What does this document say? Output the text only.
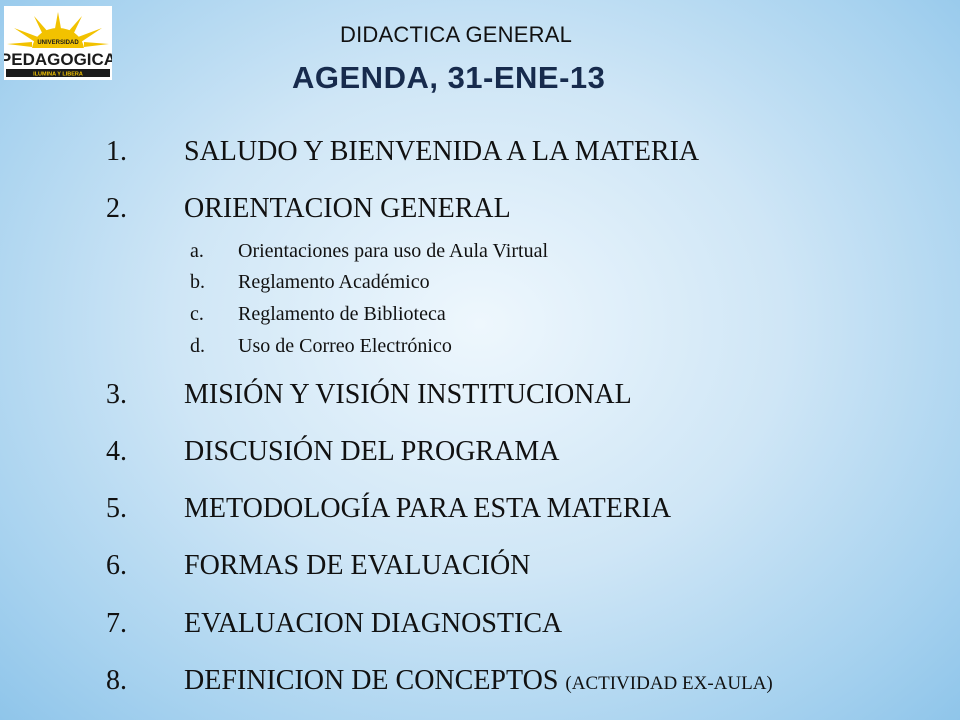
UNIVERSIDAD
PEDAGOGICA
ILUMINA Y LIBERA
DIDACTICA GENERAL
AGENDA, 31-ENE-13
1. SALUDO Y BIENVENIDA A LA MATERIA
2. ORIENTACION GENERAL
a. Orientaciones para uso de Aula Virtual
b. Reglamento Académico
c. Reglamento de Biblioteca
d. Uso de Correo Electrónico
3. MISIÓN Y VISIÓN INSTITUCIONAL
4. DISCUSIÓN DEL PROGRAMA
5. METODOLOGÍA PARA ESTA MATERIA
6. FORMAS DE EVALUACIÓN
7. EVALUACION DIAGNOSTICA
8. DEFINICION DE CONCEPTOS (ACTIVIDAD EX-AULA)
